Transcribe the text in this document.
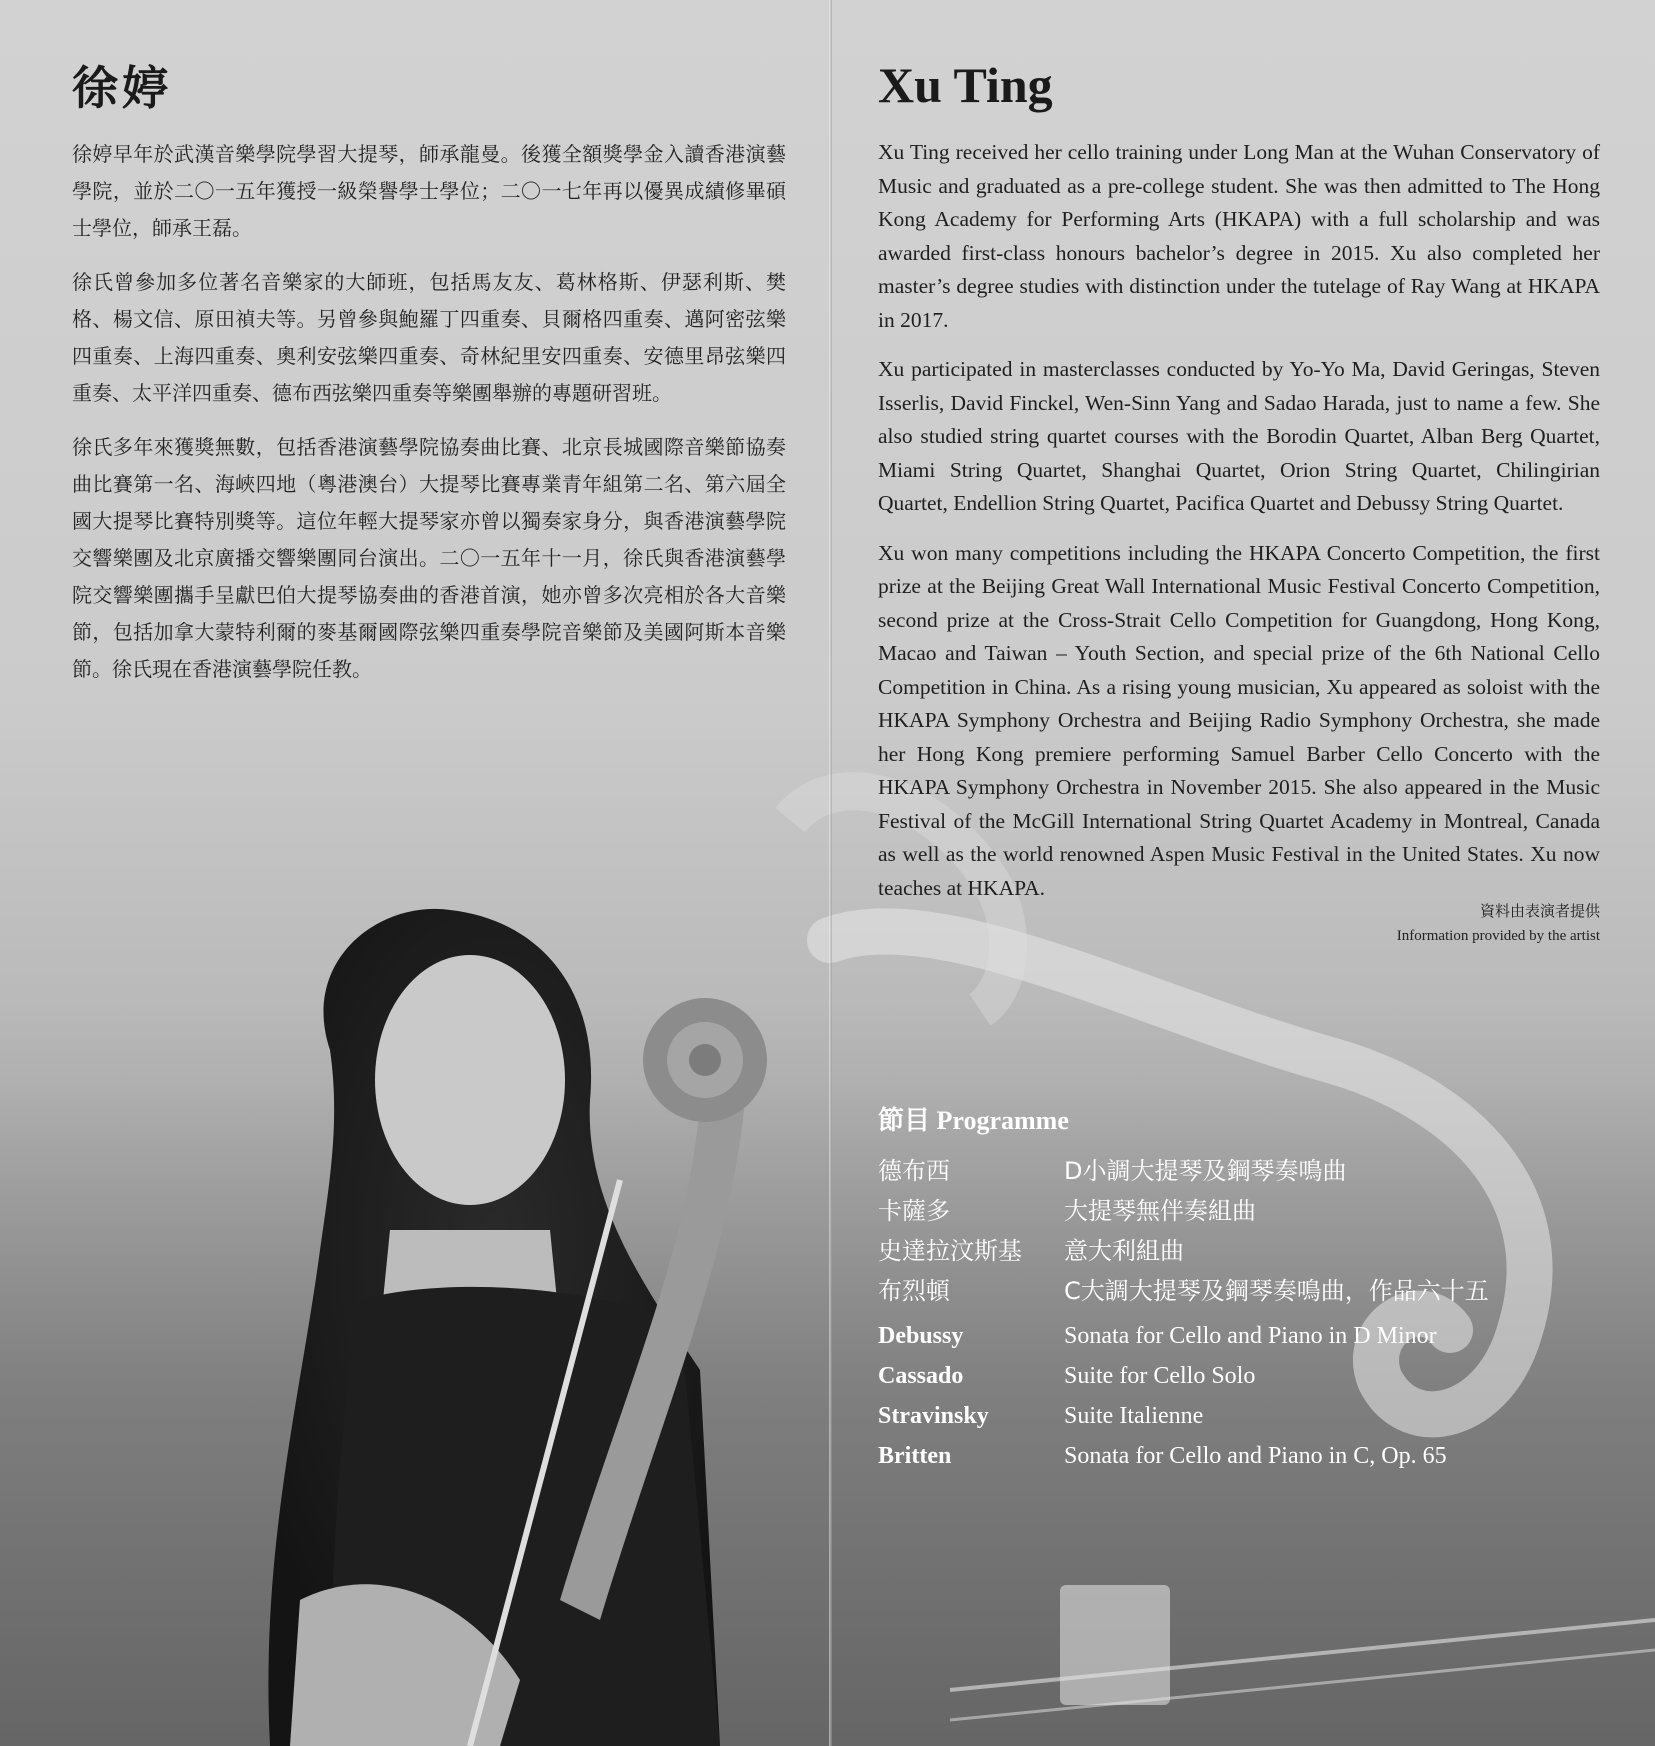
徐婷

徐婷早年於武漢音樂學院學習大提琴，師承龍曼。後獲全額獎學金入讀香港演藝學院，並於二〇一五年獲授一級榮譽學士學位；二〇一七年再以優異成績修畢碩士學位，師承王磊。

徐氏曾參加多位著名音樂家的大師班，包括馬友友、葛林格斯、伊瑟利斯、樊格、楊文信、原田禎夫等。另曾參與鮑羅丁四重奏、貝爾格四重奏、邁阿密弦樂四重奏、上海四重奏、奧利安弦樂四重奏、奇林紀里安四重奏、安德里昂弦樂四重奏、太平洋四重奏、德布西弦樂四重奏等樂團舉辦的專題研習班。

徐氏多年來獲獎無數，包括香港演藝學院協奏曲比賽、北京長城國際音樂節協奏曲比賽第一名、海峽四地（粵港澳台）大提琴比賽專業青年組第二名、第六屆全國大提琴比賽特別獎等。這位年輕大提琴家亦曾以獨奏家身分，與香港演藝學院交響樂團及北京廣播交響樂團同台演出。二〇一五年十一月，徐氏與香港演藝學院交響樂團攜手呈獻巴伯大提琴協奏曲的香港首演，她亦曾多次亮相於各大音樂節，包括加拿大蒙特利爾的麥基爾國際弦樂四重奏學院音樂節及美國阿斯本音樂節。徐氏現在香港演藝學院任教。

Xu Ting

Xu Ting received her cello training under Long Man at the Wuhan Conservatory of Music and graduated as a pre-college student. She was then admitted to The Hong Kong Academy for Performing Arts (HKAPA) with a full scholarship and was awarded first-class honours bachelor’s degree in 2015. Xu also completed her master’s degree studies with distinction under the tutelage of Ray Wang at HKAPA in 2017.

Xu participated in masterclasses conducted by Yo-Yo Ma, David Geringas, Steven Isserlis, David Finckel, Wen-Sinn Yang and Sadao Harada, just to name a few. She also studied string quartet courses with the Borodin Quartet, Alban Berg Quartet, Miami String Quartet, Shanghai Quartet, Orion String Quartet, Chilingirian Quartet, Endellion String Quartet, Pacifica Quartet and Debussy String Quartet.

Xu won many competitions including the HKAPA Concerto Competition, the first prize at the Beijing Great Wall International Music Festival Concerto Competition, second prize at the Cross-Strait Cello Competition for Guangdong, Hong Kong, Macao and Taiwan – Youth Section, and special prize of the 6th National Cello Competition in China. As a rising young musician, Xu appeared as soloist with the HKAPA Symphony Orchestra and Beijing Radio Symphony Orchestra, she made her Hong Kong premiere performing Samuel Barber Cello Concerto with the HKAPA Symphony Orchestra in November 2015. She also appeared in the Music Festival of the McGill International String Quartet Academy in Montreal, Canada as well as the world renowned Aspen Music Festival in the United States. Xu now teaches at HKAPA.

資料由表演者提供
Information provided by the artist
節目 Programme
德布西	D小調大提琴及鋼琴奏鳴曲
卡薩多	大提琴無伴奏組曲
史達拉汶斯基	意大利組曲
布烈頓	C大調大提琴及鋼琴奏鳴曲，作品六十五
Debussy	Sonata for Cello and Piano in D Minor
Cassado	Suite for Cello Solo
Stravinsky	Suite Italienne
Britten	Sonata for Cello and Piano in C, Op. 65
